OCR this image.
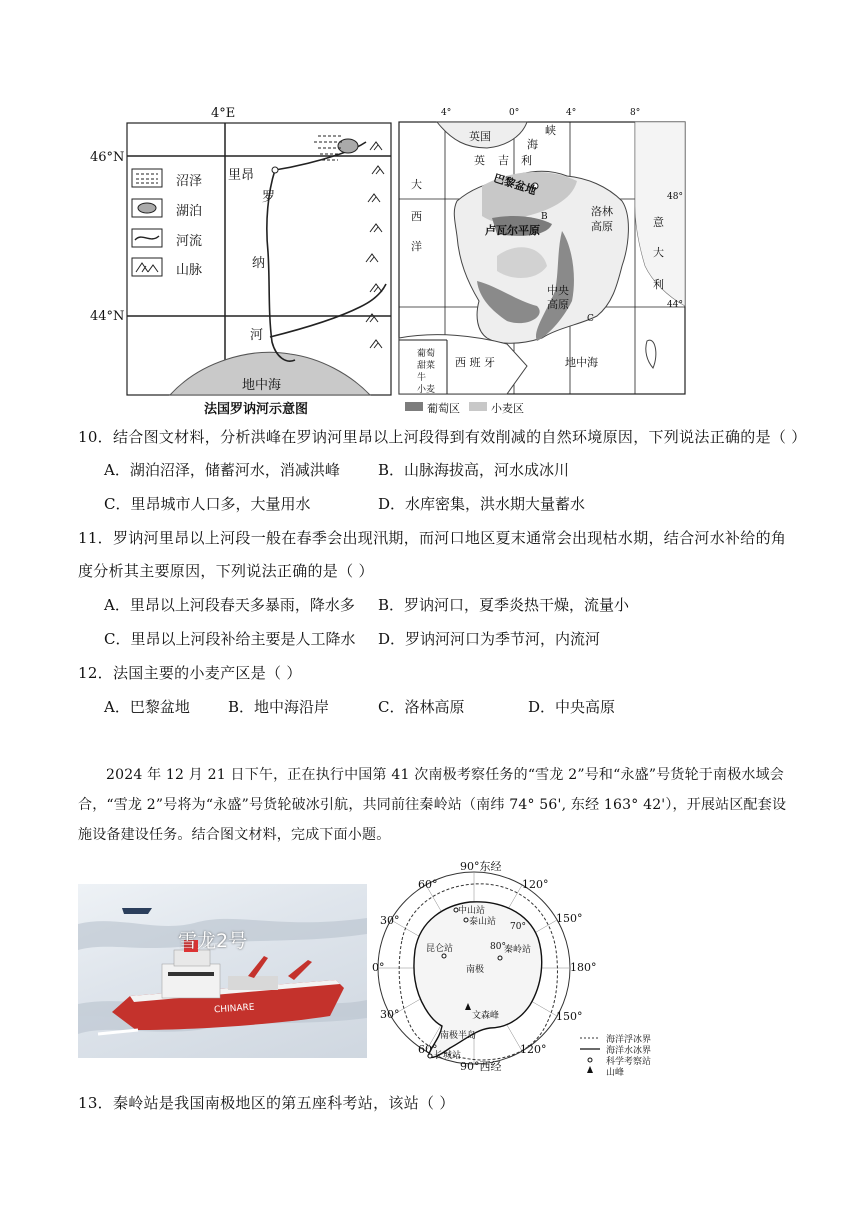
46°N
44°N
4°E
沼泽
湖泊
河流
山脉
里昂
罗
纳
河
地中海
法国罗讷河示意图
4°	0°	4°	8°
48°
44°
英国
英 吉 利
海
峡
大
西
洋
巴黎盆地
卢瓦尔平原
B	洛林
高原
中央
高原
C
意
大
利
西 班 牙	地中海
葡萄
甜菜
牛
小麦
葡萄区	小麦区
10．结合图文材料，分析洪峰在罗讷河里昂以上河段得到有效削减的自然环境原因，下列说法正确的是（ ）
A．湖泊沼泽，储蓄河水，消减洪峰	B．山脉海拔高，河水成冰川
C．里昂城市人口多，大量用水	D．水库密集，洪水期大量蓄水
11．罗讷河里昂以上河段一般在春季会出现汛期，而河口地区夏末通常会出现枯水期，结合河水补给的角
度分析其主要原因，下列说法正确的是（ ）
A．里昂以上河段春天多暴雨，降水多 B．罗讷河口，夏季炎热干燥，流量小
C．里昂以上河段补给主要是人工降水 D．罗讷河河口为季节河，内流河
12．法国主要的小麦产区是（ ）
A．巴黎盆地	B．地中海沿岸	C．洛林高原	D．中央高原
2024 年 12 月 21 日下午，正在执行中国第 41 次南极考察任务的“雪龙 2”号和“永盛”号货轮于南极水域会合，“雪龙 2”号将为“永盛”号货轮破冰引航，共同前往秦岭站（南纬 74° 56', 东经 163° 42'），开展站区配套设施设备建设任务。结合图文材料，完成下面小题。
雪龙2号
CHINARE
90°东经
90°西经
60°
30°
0°
30°
60°
120°
150°
180°
150°
120°
中山站
泰山站
昆仑站	秦岭站
长城站
70°
80°
南极
文森峰
南极半岛	海洋浮冰界
海洋水冰界
科学考察站
山峰
13．秦岭站是我国南极地区的第五座科考站，该站（ ）
